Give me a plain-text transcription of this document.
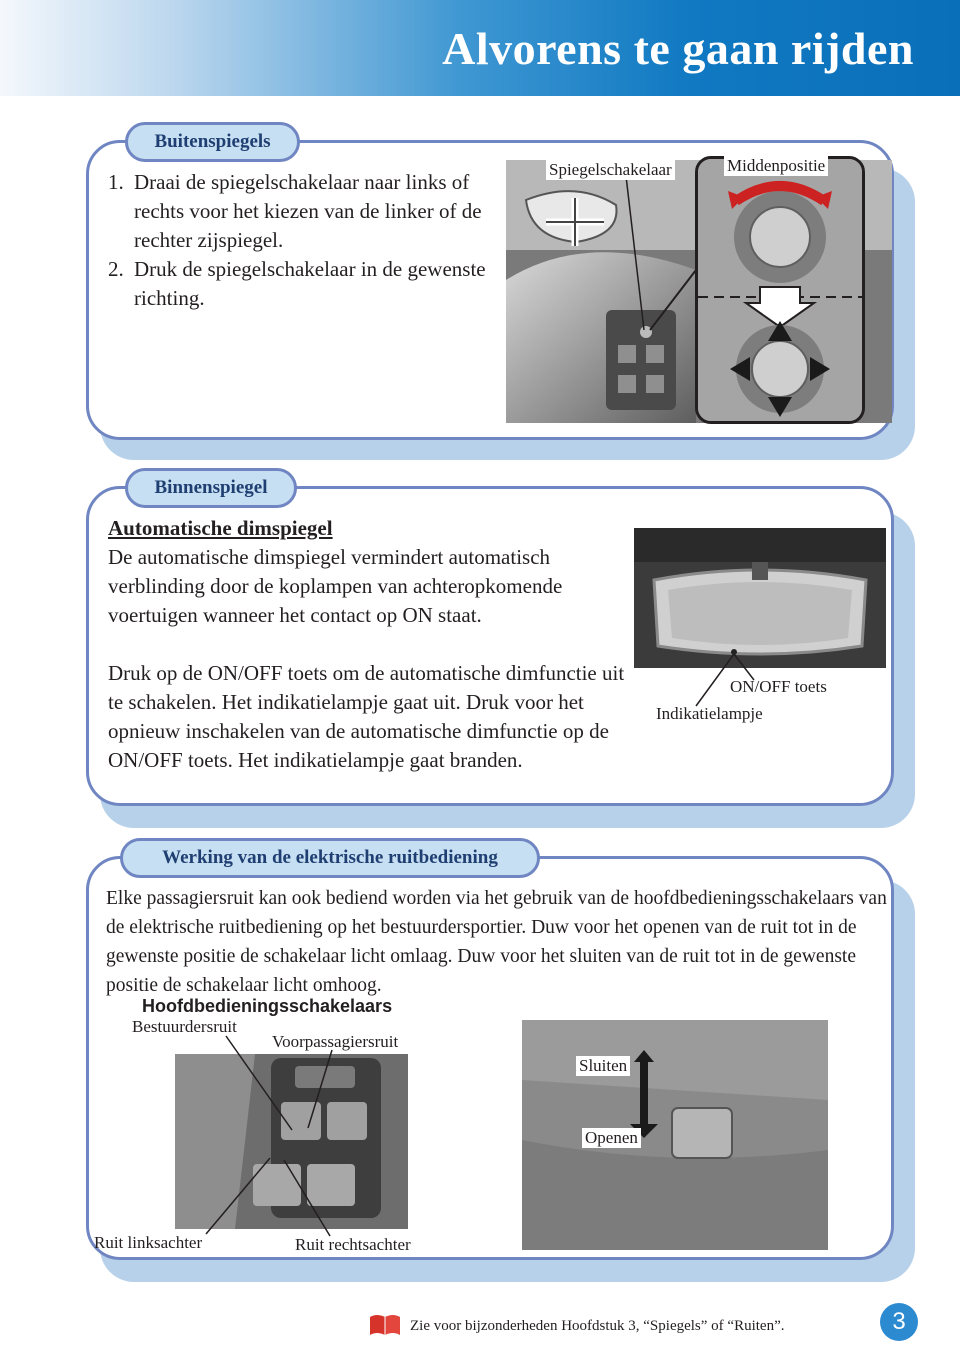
Alvorens te gaan rijden
Buitenspiegels
1. Draai de spiegelschakelaar naar links of rechts voor het kiezen van de linker of de rechter zijspiegel.
2. Druk de spiegelschakelaar in de gewenste richting.
Spiegelschakelaar	Middenpositie
Binnenspiegel

Automatische dimspiegel

De automatische dimspiegel vermindert automatisch verblinding door de koplampen van achteropkomende voertuigen wanneer het contact op ON staat.

Druk op de ON/OFF toets om de automatische dimfunctie uit te schakelen. Het indikatielampje gaat uit. Druk voor het opnieuw inschakelen van de automatische dimfunctie op de ON/OFF toets. Het indikatielampje gaat branden.

ON/OFF toets
Indikatielampje
Werking van de elektrische ruitbediening
Elke passagiersruit kan ook bediend worden via het gebruik van de hoofdbedieningsschakelaars van de elektrische ruitbediening op het bestuurdersportier. Duw voor het openen van de ruit tot in de gewenste positie de schakelaar licht omlaag. Duw voor het sluiten van de ruit tot in de gewenste positie de schakelaar licht omhoog.
Hoofdbedieningsschakelaars
Bestuurdersruit
Voorpassagiersruit
Ruit linksachter	Ruit rechtsachter
Sluiten
Openen
Zie voor bijzonderheden Hoofdstuk 3, “Spiegels” of “Ruiten”.	3
